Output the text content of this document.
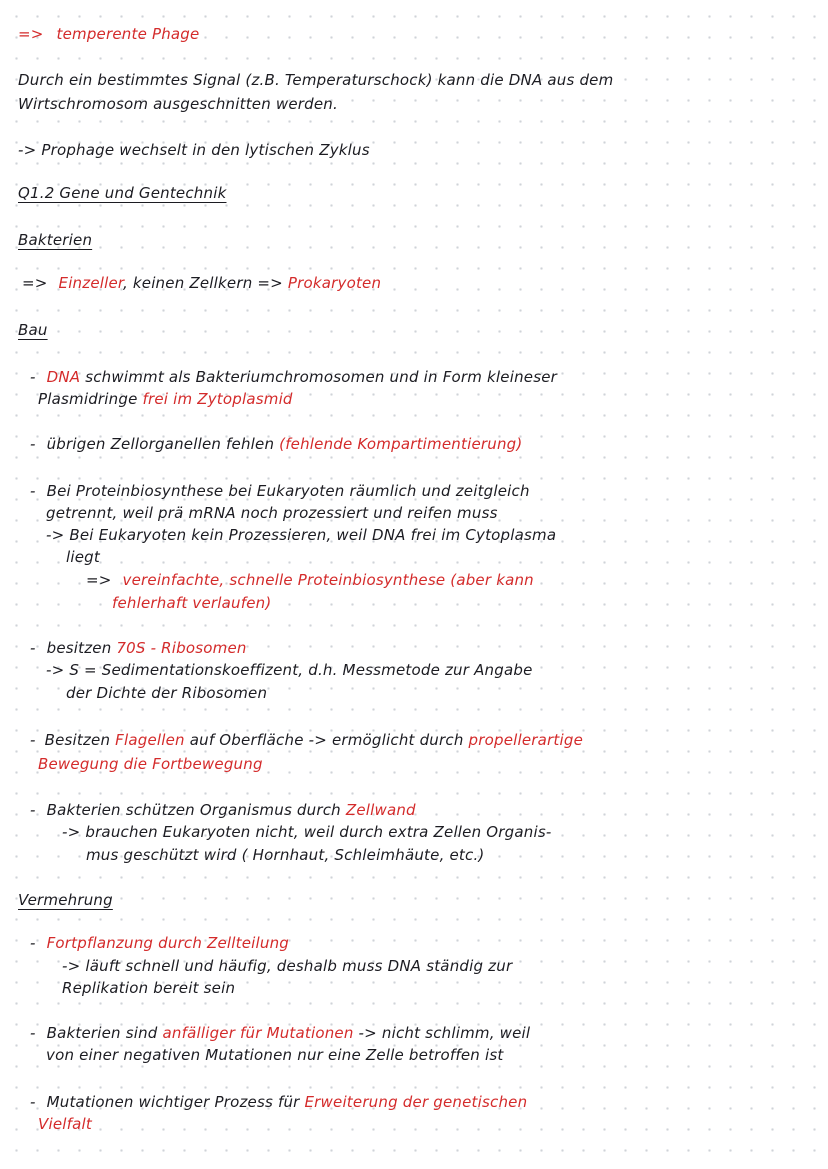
=> temperente Phage
Durch ein bestimmtes Signal (z.B. Temperaturschock) kann die DNA aus dem
Wirtschromosom ausgeschnitten werden.
-> Prophage wechselt in den lytischen Zyklus
Q1.2 Gene und Gentechnik
Bakterien
=> Einzeller, keinen Zellkern => Prokaryoten
Bau
- DNA schwimmt als Bakteriumchromosomen und in Form kleineser
Plasmidringe frei im Zytoplasmid
- übrigen Zellorganellen fehlen (fehlende Kompartimentierung)
- Bei Proteinbiosynthese bei Eukaryoten räumlich und zeitgleich
getrennt, weil prä mRNA noch prozessiert und reifen muss
-> Bei Eukaryoten kein Prozessieren, weil DNA frei im Cytoplasma
liegt
=> vereinfachte, schnelle Proteinbiosynthese (aber kann
fehlerhaft verlaufen)
- besitzen 70S - Ribosomen
-> S = Sedimentationskoeffizent, d.h. Messmetode zur Angabe
der Dichte der Ribosomen
- Besitzen Flagellen auf Oberfläche -> ermöglicht durch propellerartige
Bewegung die Fortbewegung
- Bakterien schützen Organismus durch Zellwand
-> brauchen Eukaryoten nicht, weil durch extra Zellen Organis-
mus geschützt wird ( Hornhaut, Schleimhäute, etc.)
Vermehrung
- Fortpflanzung durch Zellteilung
-> läuft schnell und häufig, deshalb muss DNA ständig zur
Replikation bereit sein
- Bakterien sind anfälliger für Mutationen -> nicht schlimm, weil
von einer negativen Mutationen nur eine Zelle betroffen ist
- Mutationen wichtiger Prozess für Erweiterung der genetischen
Vielfalt
